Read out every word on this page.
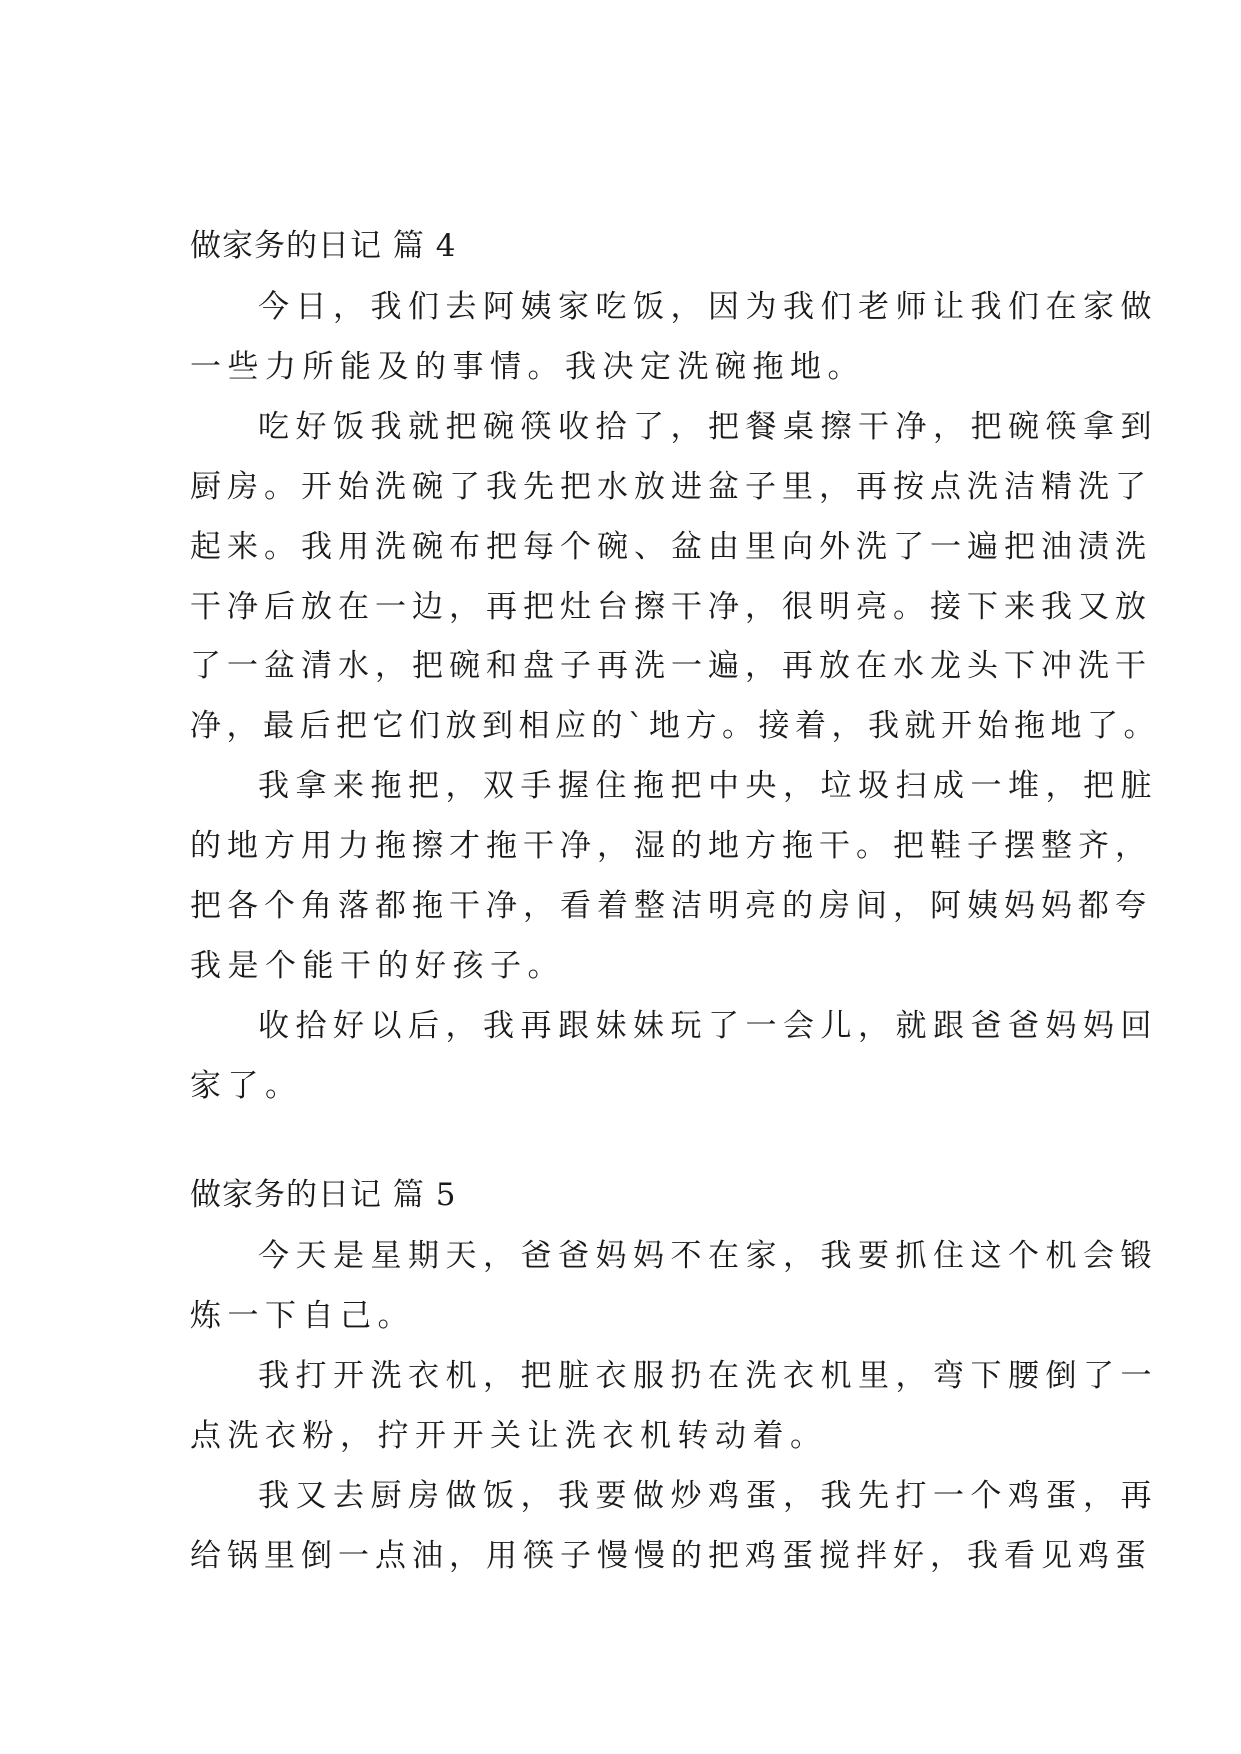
做家务的日记 篇 4
今日，我们去阿姨家吃饭，因为我们老师让我们在家做
一些力所能及的事情。我决定洗碗拖地。
吃好饭我就把碗筷收拾了，把餐桌擦干净，把碗筷拿到
厨房。开始洗碗了我先把水放进盆子里，再按点洗洁精洗了
起来。我用洗碗布把每个碗、盆由里向外洗了一遍把油渍洗
干净后放在一边，再把灶台擦干净，很明亮。接下来我又放
了一盆清水，把碗和盘子再洗一遍，再放在水龙头下冲洗干
净，最后把它们放到相应的`地方。接着，我就开始拖地了。
我拿来拖把，双手握住拖把中央，垃圾扫成一堆，把脏
的地方用力拖擦才拖干净，湿的地方拖干。把鞋子摆整齐，
把各个角落都拖干净，看着整洁明亮的房间，阿姨妈妈都夸
我是个能干的好孩子。
收拾好以后，我再跟妹妹玩了一会儿，就跟爸爸妈妈回
家了。
做家务的日记 篇 5
今天是星期天，爸爸妈妈不在家，我要抓住这个机会锻
炼一下自己。
我打开洗衣机，把脏衣服扔在洗衣机里，弯下腰倒了一
点洗衣粉，拧开开关让洗衣机转动着。
我又去厨房做饭，我要做炒鸡蛋，我先打一个鸡蛋，再
给锅里倒一点油，用筷子慢慢的把鸡蛋搅拌好，我看见鸡蛋
